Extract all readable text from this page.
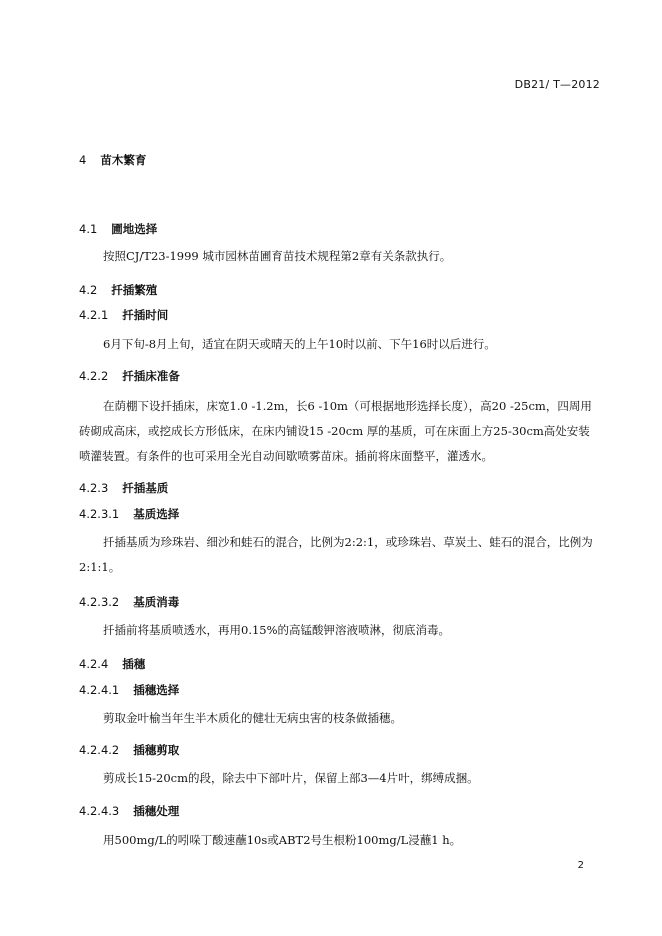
DB21/ T—2012
4 苗木繁育
4.1 圃地选择
按照CJ/T23-1999 城市园林苗圃育苗技术规程第2章有关条款执行。
4.2 扦插繁殖
4.2.1 扦插时间
6月下旬-8月上旬，适宜在阴天或晴天的上午10时以前、下午16时以后进行。
4.2.2 扦插床准备
在荫棚下设扦插床，床宽1.0 -1.2m，长6 -10m（可根据地形选择长度），高20 -25cm，四周用砖砌成高床，或挖成长方形低床，在床内铺设15 -20cm 厚的基质，可在床面上方25-30cm高处安装喷灌装置。有条件的也可采用全光自动间歇喷雾苗床。插前将床面整平，灌透水。
4.2.3 扦插基质
4.2.3.1 基质选择
扦插基质为珍珠岩、细沙和蛙石的混合，比例为2:2:1，或珍珠岩、草炭土、蛙石的混合，比例为2:1:1。
4.2.3.2 基质消毒
扦插前将基质喷透水，再用0.15%的高锰酸钾溶液喷淋，彻底消毒。
4.2.4 插穗
4.2.4.1 插穗选择
剪取金叶榆当年生半木质化的健壮无病虫害的枝条做插穗。
4.2.4.2 插穗剪取
剪成长15-20cm的段，除去中下部叶片，保留上部3—4片叶，绑缚成捆。
4.2.4.3 插穗处理
用500mg/L的吲哚丁酸速蘸10s或ABT2号生根粉100mg/L浸蘸1 h。
2
